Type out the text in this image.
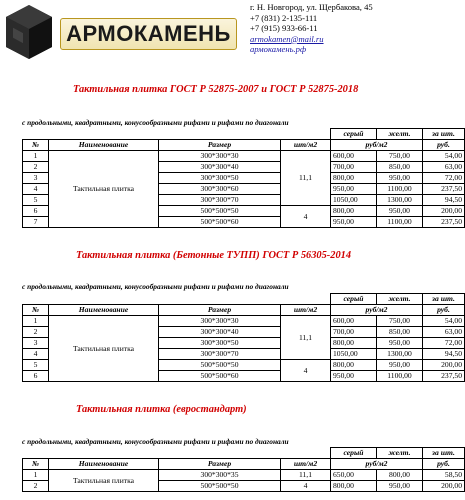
АРМОКАМЕНЬ
г. Н. Новгород, ул. Щербакова, 45
+7 (831) 2-135-111
+7 (915) 933-66-11
armokamen@mail.ru
армокамень.рф
Тактильная плитка ГОСТ Р 52875-2007 и ГОСТ Р 52875-2018
с продольными, квадратными, конусообразными рифами и рифами по диагонали
				серый	желт.	за шт.
№	Наименование	Размер	шт/м2	руб/м2		руб.
1	Тактильная плитка	300*300*30	11,1	600,00	750,00	54,00
2		300*300*40		700,00	850,00	63,00
3		300*300*50		800,00	950,00	72,00
4		300*300*60		950,00	1100,00	237,50
5		300*300*70		1050,00	1300,00	94,50
6		500*500*50	4	800,00	950,00	200,00
7		500*500*60		950,00	1100,00	237,50
Тактильная плитка (Бетонные ТУПП) ГОСТ Р 56305-2014
с продольными, квадратными, конусообразными рифами и рифами по диагонали
				серый	желт.	за шт.
№	Наименование	Размер	шт/м2	руб/м2		руб.
1	Тактильная плитка	300*300*30	11,1	600,00	750,00	54,00
2		300*300*40		700,00	850,00	63,00
3		300*300*50		800,00	950,00	72,00
4		300*300*70		1050,00	1300,00	94,50
5		500*500*50	4	800,00	950,00	200,00
6		500*500*60		950,00	1100,00	237,50
Тактильная плитка (евростандарт)
с продольными, квадратными, конусообразными рифами и рифами по диагонали
				серый	желт.	за шт.
№	Наименование	Размер	шт/м2	руб/м2		руб.
1	Тактильная плитка	300*300*35	11,1	650,00	800,00	58,50
2		500*500*50	4	800,00	950,00	200,00
